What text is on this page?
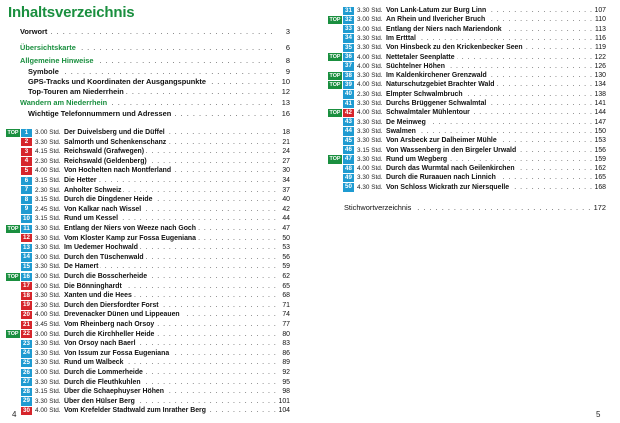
Inhaltsverzeichnis
. . .
Vorwort	3
. . .
Übersichtskarte	6
. . .
Allgemeine Hinweise	8
. . .
Symbole	9
. . .
GPS-Tracks und Koordinaten der Ausgangspunkte	10
. . .
Top-Touren am Niederrhein	12
. . .
Wandern am Niederrhein	13
. . .
Wichtige Telefonnummern und Adressen	16
TOP	1	3.00 Std. . . . Der Duivelsberg und die Düffel	18
2	3.30 Std. . . . Salmorth und Schenkenschanz	21
3	4.15 Std. . . . Reichswald (Grafwegen)	24
4	2.30 Std. . . . Reichswald (Geldenberg)	27
5	4.00 Std. . . . Von Hochelten nach Montferland	30
6	3.15 Std. . . . Die Hetter	34
7	2.30 Std. . . . Anholter Schweiz	37
8	3.15 Std. . . . Durch die Dingdener Heide	40
9	2.45 Std. . . . Von Kalkar nach Wissel	42
10 3.15 Std. . . . Rund um Kessel	44
TOP 11 3.30 Std. . . . Entlang der Niers von Weeze nach Goch	47
12 3.30 Std. . . . Vom Kloster Kamp zur Fossa Eugeniana	50
13 3.30 Std. . . . Im Uedemer Hochwald	53
14 3.00 Std. . . . Durch den Tüschenwald	56
15 3.30 Std. . . . De Hamert	59
TOP 16 3.00 Std. . . . Durch die Bosscherheide	62
17 3.00 Std. . . . Die Bönninghardt	65
18 3.30 Std. . . . Xanten und die Hees	68
19 2.30 Std. . . . Durch den Diersfordter Forst	71
20 4.00 Std. . . . Drevenacker Dünen und Lippeauen	74
21 3.45 Std. . . . Vom Rheinberg nach Orsoy	77
TOP 22 3.00 Std. . . . Durch die Kirchheller Heide	80
23 3.30 Std. . . . Von Orsoy nach Baerl	83
24 3.30 Std. . . . Von Issum zur Fossa Eugeniana	86
25 3.30 Std. . . . Rund um Walbeck	89
26 3.00 Std. . . . Durch die Lommerheide	92
27 3.30 Std. . . . Durch die Fleuthkuhlen	95
28 3.15 Std. . . . Über die Schaephuyser Höhen	98
29 3.30 Std. . . . Über den Hülser Berg	101
30 4.00 Std. . . . Vom Krefelder Stadtwald zum Inrather Berg	104
4
31 3.30 Std. . . . Von Lank-Latum zur Burg Linn	107
TOP 32 3.00 Std. . . . An Rhein und Ilvericher Bruch	110
33 3.00 Std. . . . Entlang der Niers nach Mariendonk	113
34 3.30 Std. . . . Im Ertttal	116
35 3.30 Std. . . . Von Hinsbeck zu den Krickenbecker Seen	119
TOP 36 4.00 Std. . . . Nettetaler Seenplatte	122
37 4.00 Std. . . . Süchtelner Höhen	126
TOP 38 3.30 Std. . . . Im Kaldenkirchener Grenzwald	130
TOP 39 4.00 Std. . . . Naturschutzgebiet Brachter Wald	134
40 2.30 Std. . . . Elmpter Schwalmbruch	138
41 3.30 Std. . . . Durchs Brüggener Schwalmtal	141
TOP 42 4.00 Std. . . . Schwalmtaler Mühlentour	144
43 3.30 Std. . . . De Meinweg	147
44 3.30 Std. . . . Swalmen	150
45 3.30 Std. . . . Von Arsbeck zur Dalheimer Mühle	153
46 3.15 Std. . . . Von Wassenberg in den Birgeler Urwald	156
TOP 47 3.30 Std. . . . Rund um Wegberg	159
48 4.00 Std. . . . Durch das Wurmtal nach Geilenkirchen	162
49 3.30 Std. . . . Durch die Ruraauen nach Linnich	165
50 4.30 Std. . . . Von Schloss Wickrath zur Niersquelle	168
. . .
Stichwortverzeichnis	172
5
